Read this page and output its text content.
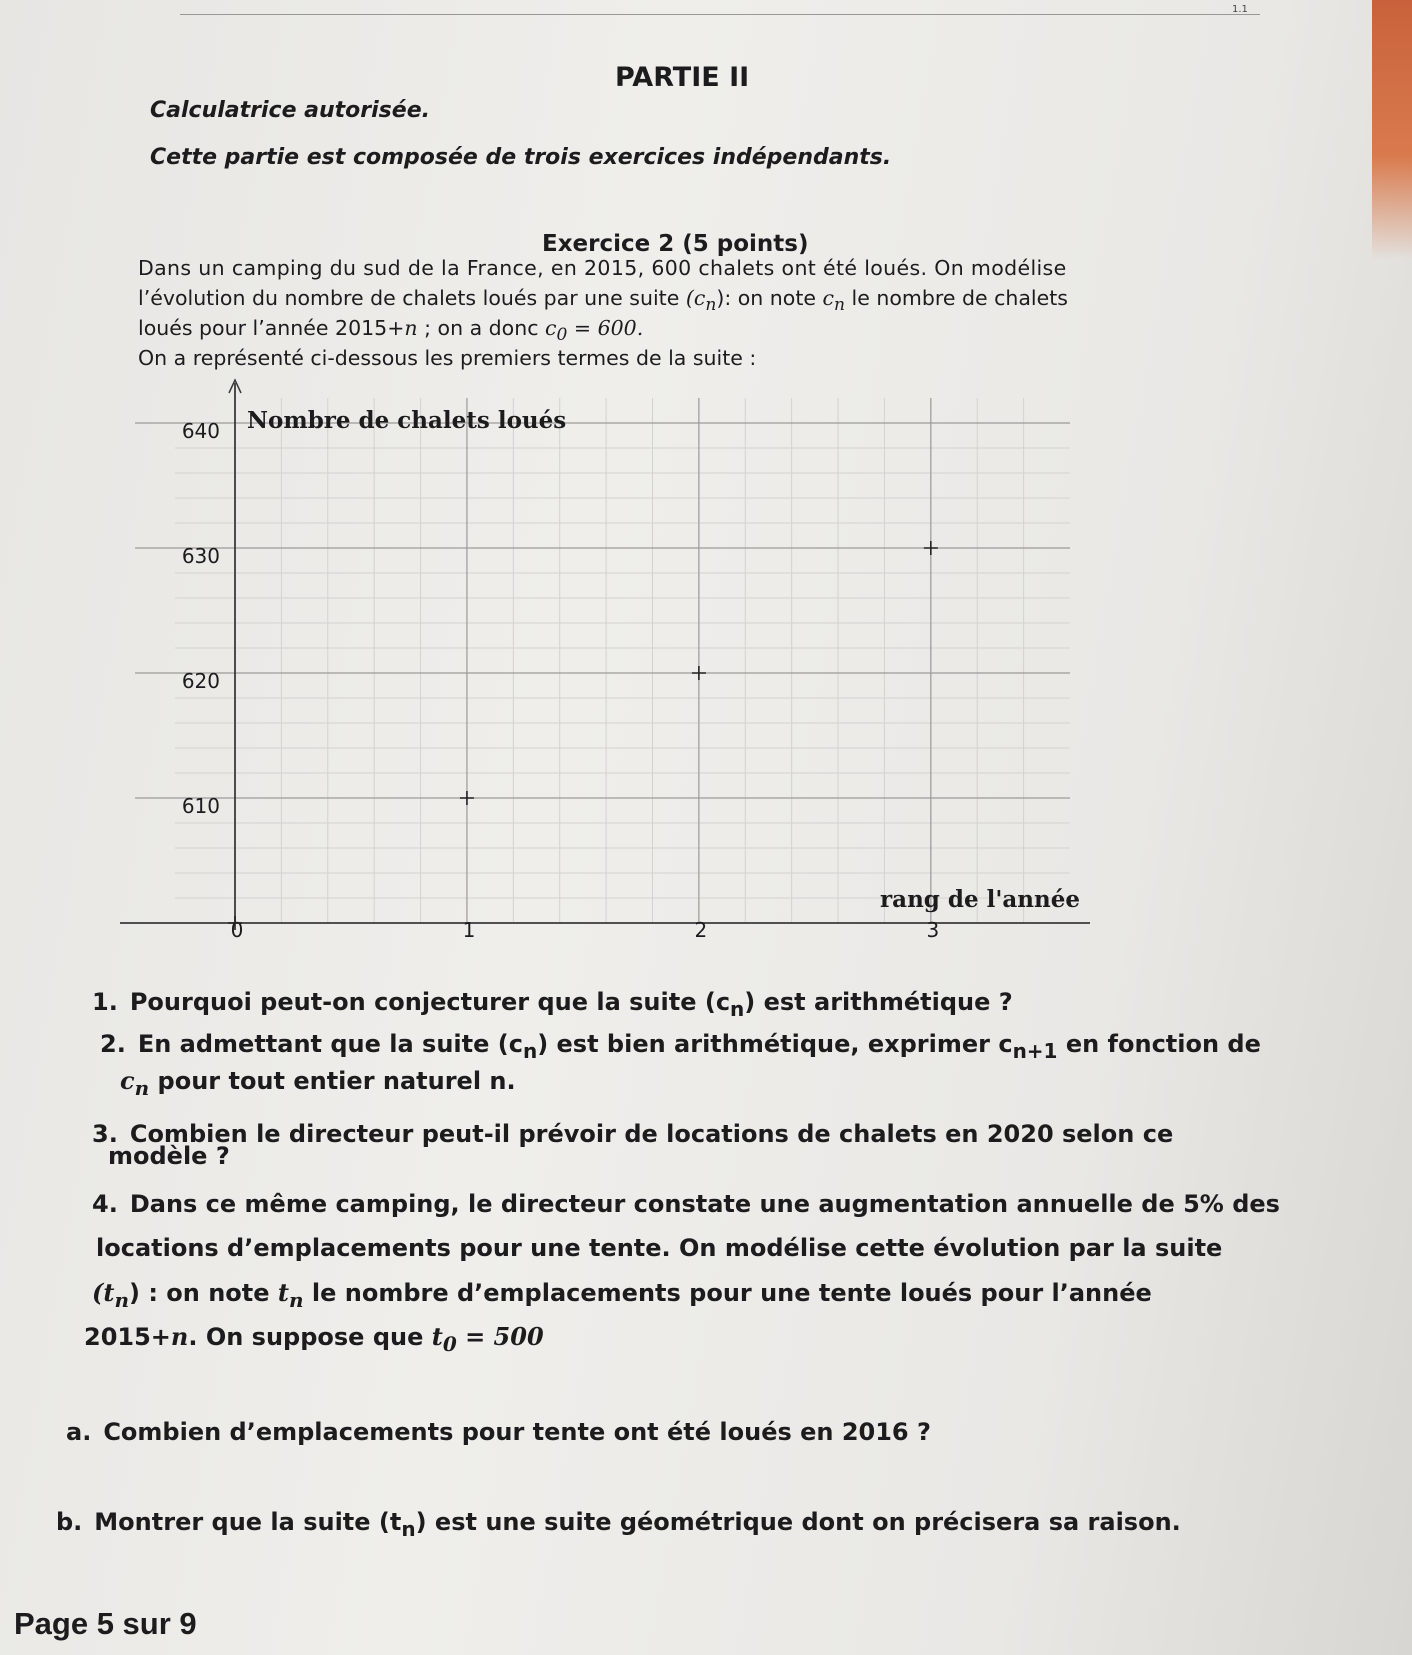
1.1
PARTIE II
Calculatrice autorisée.
Cette partie est composée de trois exercices indépendants.
Exercice 2 (5 points)
Dans un camping du sud de la France, en 2015, 600 chalets ont été loués. On modélise
l’évolution du nombre de chalets loués par une suite $(c_n)$: on note $c_n$ le nombre de chalets
loués pour l’année 2015+n ; on a donc $c_0 = 600$.
On a représenté ci-dessous les premiers termes de la suite :
610
620
630
640
0	1	2	3
Nombre de chalets loués
rang de l'année
1. Pourquoi peut-on conjecturer que la suite $(c_n)$ est arithmétique ?
2. En admettant que la suite $(c_n)$ est bien arithmétique, exprimer $c_{n+1}$ en fonction de
$c_n$ pour tout entier naturel n.
3. Combien le directeur peut-il prévoir de locations de chalets en 2020 selon ce
modèle ?
4. Dans ce même camping, le directeur constate une augmentation annuelle de 5% des
locations d’emplacements pour une tente. On modélise cette évolution par la suite
$(t_n)$ : on note $t_n$ le nombre d’emplacements pour une tente loués pour l’année
2015+n. On suppose que $t_0 = 500$
a. Combien d’emplacements pour tente ont été loués en 2016 ?
b. Montrer que la suite $(t_n)$ est une suite géométrique dont on précisera sa raison.
Page 5 sur 9
